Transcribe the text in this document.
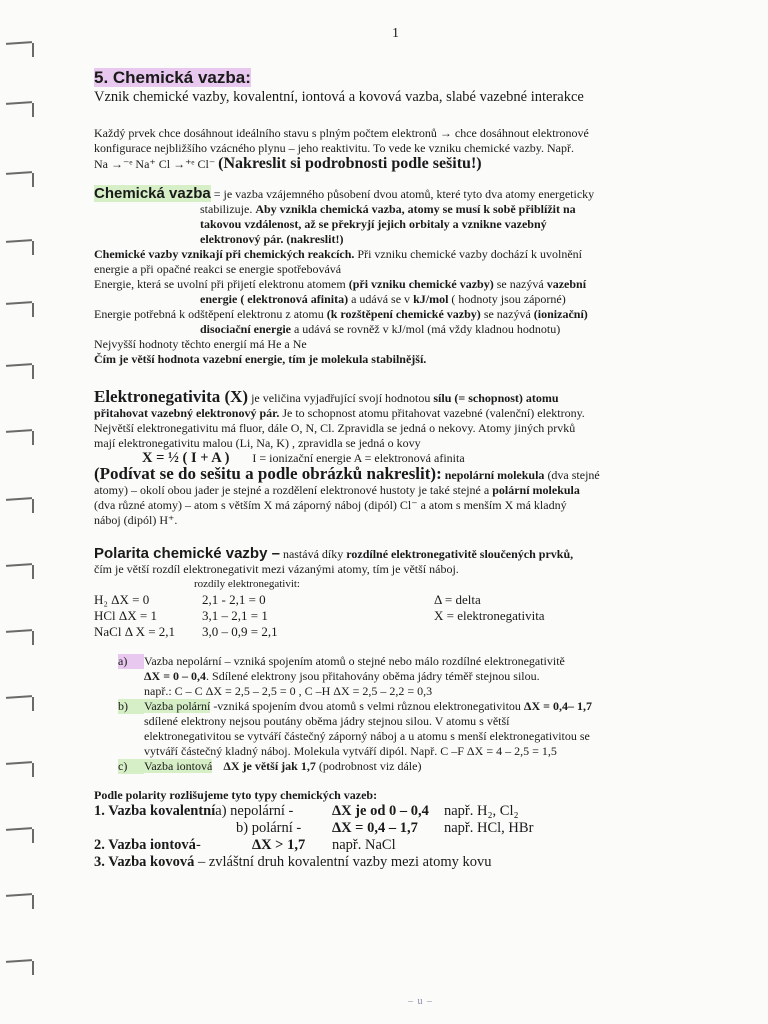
1
5. Chemická vazba:
Vznik chemické vazby, kovalentní, iontová a kovová vazba, slabé vazebné interakce

Každý prvek chce dosáhnout ideálního stavu s plným počtem elektronů → chce dosáhnout elektronové

konfigurace nejbližšího vzácného plynu – jeho reaktivitu. To vede ke vzniku chemické vazby. Např.

Na →⁻ᵉ Na⁺ Cl →⁺ᵉ Cl⁻ (Nakreslit si podrobnosti podle sešitu!)

Chemická vazba = je vazba vzájemného působení dvou atomů, které tyto dva atomy energeticky

stabilizuje. Aby vznikla chemická vazba, atomy se musí k sobě přiblížit na

takovou vzdálenost, až se překryjí jejich orbitaly a vznikne vazebný

elektronový pár. (nakreslit!)

Chemické vazby vznikají při chemických reakcích. Při vzniku chemické vazby dochází k uvolnění

energie a při opačné reakci se energie spotřebovává

Energie, která se uvolní při přijetí elektronu atomem (při vzniku chemické vazby) se nazývá vazební

energie ( elektronová afinita) a udává se v kJ/mol ( hodnoty jsou záporné)

Energie potřebná k odštěpení elektronu z atomu (k rozštěpení chemické vazby) se nazývá (ionizační)

disociační energie a udává se rovněž v kJ/mol (má vždy kladnou hodnotu)

Nejvyšší hodnoty těchto energií má He a Ne

Čím je větší hodnota vazební energie, tím je molekula stabilnější.

Elektronegativita (X) je veličina vyjadřující svojí hodnotou sílu (= schopnost) atomu

přitahovat vazebný elektronový pár. Je to schopnost atomu přitahovat vazebné (valenční) elektrony.

Největší elektronegativitu má fluor, dále O, N, Cl. Zpravidla se jedná o nekovy. Atomy jiných prvků

mají elektronegativitu malou (Li, Na, K) , zpravidla se jedná o kovy

X = ½ ( I + A ) I = ionizační energie A = elektronová afinita

(Podívat se do sešitu a podle obrázků nakreslit): nepolární molekula (dva stejné

atomy) – okolí obou jader je stejné a rozdělení elektronové hustoty je také stejné a polární molekula

(dva různé atomy) – atom s větším X má záporný náboj (dipól) Cl⁻ a atom s menším X má kladný

náboj (dipól) H⁺.

Polarita chemické vazby – nastává díky rozdílné elektronegativitě sloučených prvků,

čím je větší rozdíl elektronegativit mezi vázanými atomy, tím je větší náboj.

rozdíly elektronegativit:

H₂ ΔX = 0	2,1 - 2,1 = 0	Δ = delta
HCl ΔX = 1	3,1 – 2,1 = 1	X = elektronegativita
NaCl Δ X = 2,1	3,0 – 0,9 = 2,1

a) Vazba nepolární – vzniká spojením atomů o stejné nebo málo rozdílné elektronegativitě

ΔX = 0 – 0,4. Sdílené elektrony jsou přitahovány oběma jádry téměř stejnou silou.

např.: C – C ΔX = 2,5 – 2,5 = 0 , C –H ΔX = 2,5 – 2,2 = 0,3

b) Vazba polární -vzniká spojením dvou atomů s velmi různou elektronegativitou ΔX = 0,4– 1,7

sdílené elektrony nejsou poutány oběma jádry stejnou silou. V atomu s větší

elektronegativitou se vytváří částečný záporný náboj a u atomu s menší elektronegativitou se

vytváří částečný kladný náboj. Molekula vytváří dipól. Např. C –F ΔX = 4 – 2,5 = 1,5

c) Vazba iontová ΔX je větší jak 1,7 (podrobnost viz dále)

Podle polarity rozlišujeme tyto typy chemických vazeb:

1. Vazba kovalentnía) nepolární -	ΔX je od 0 – 0,4	např. H₂, Cl₂
b) polární -	ΔX = 0,4 – 1,7	např. HCl, HBr
2. Vazba iontová-	ΔX > 1,7	např. NaCl
3. Vazba kovová – zvláštní druh kovalentní vazby mezi atomy kovu
– u –
